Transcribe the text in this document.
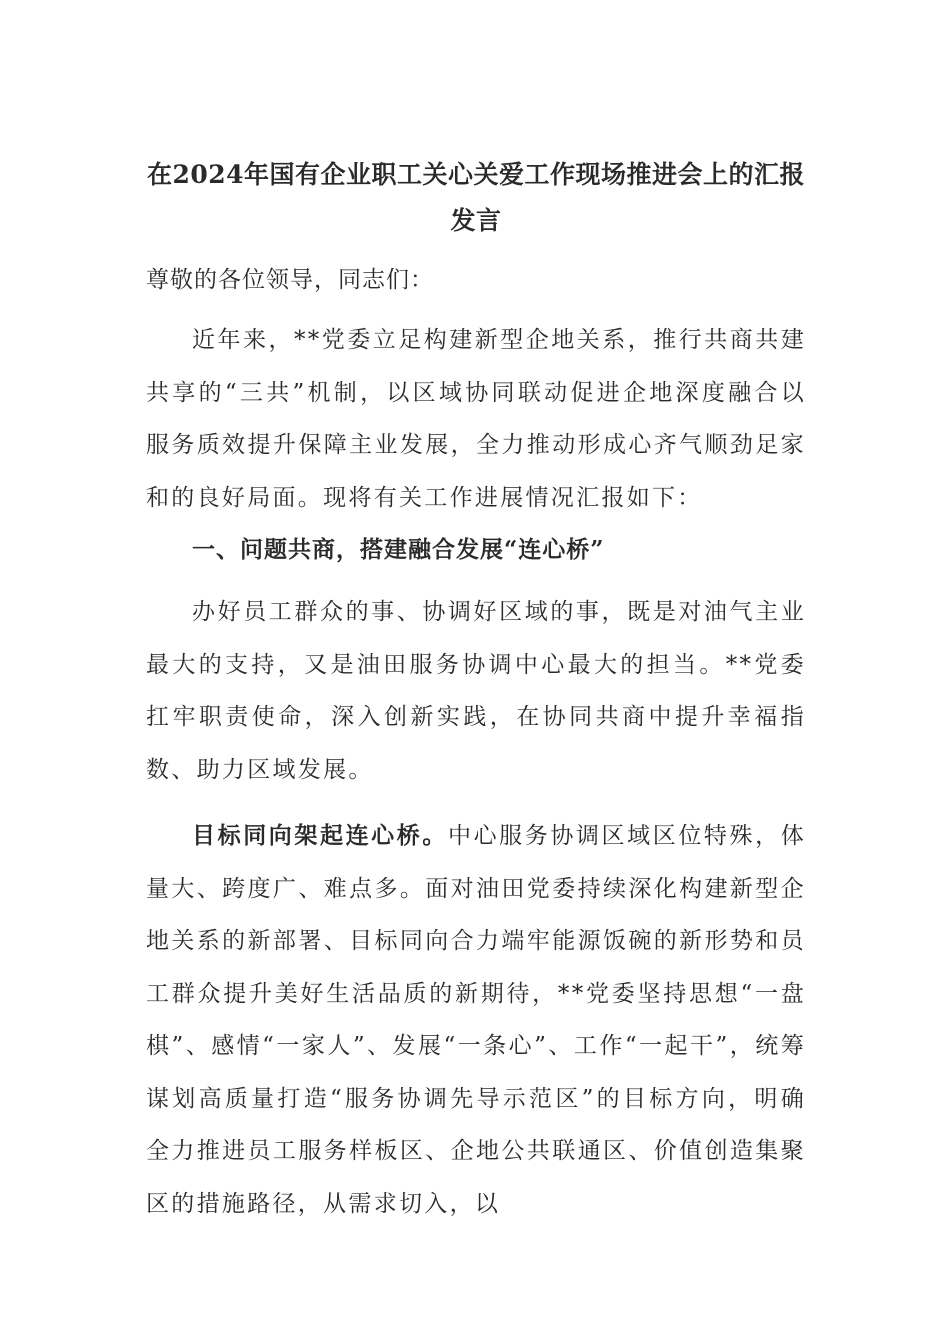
在2024年国有企业职工关心关爱工作现场推进会上的汇报
发言

尊敬的各位领导，同志们：

近年来，**党委立足构建新型企地关系，推行共商共建共享的“三共”机制，以区域协同联动促进企地深度融合以服务质效提升保障主业发展，全力推动形成心齐气顺劲足家和的良好局面。现将有关工作进展情况汇报如下：

一、问题共商，搭建融合发展“连心桥”

办好员工群众的事、协调好区域的事，既是对油气主业最大的支持，又是油田服务协调中心最大的担当。**党委扛牢职责使命，深入创新实践，在协同共商中提升幸福指数、助力区域发展。

目标同向架起连心桥。中心服务协调区域区位特殊，体量大、跨度广、难点多。面对油田党委持续深化构建新型企地关系的新部署、目标同向合力端牢能源饭碗的新形势和员工群众提升美好生活品质的新期待，**党委坚持思想“一盘棋”、感情“一家人”、发展“一条心”、工作“一起干”，统筹谋划高质量打造“服务协调先导示范区”的目标方向，明确全力推进员工服务样板区、企地公共联通区、价值创造集聚区的措施路径，从需求切入，以
